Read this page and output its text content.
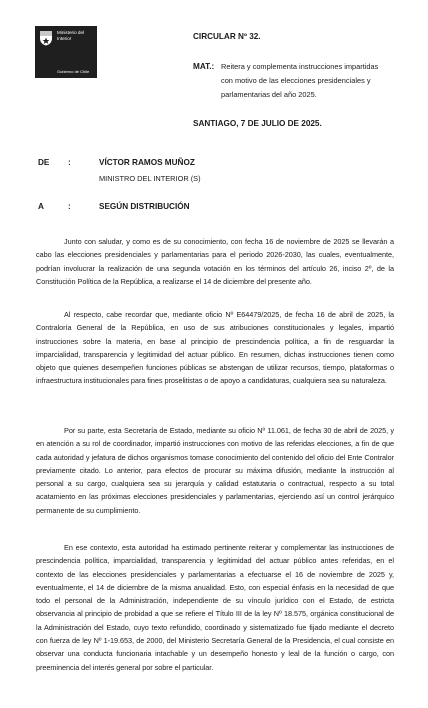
Ministerio del
Interior
Gobierno de Chile
CIRCULAR Nº 32.
MAT.: Reitera y complementa instrucciones impartidas
con motivo de las elecciones presidenciales y
parlamentarias del año 2025.
SANTIAGO, 7 DE JULIO DE 2025.
DE :	VÍCTOR RAMOS MUÑOZ
MINISTRO DEL INTERIOR (S)
A	:	SEGÚN DISTRIBUCIÓN
Junto con saludar, y como es de su conocimiento, con fecha 16 de noviembre de 2025 se llevarán a cabo las elecciones presidenciales y parlamentarias para el periodo 2026-2030, las cuales, eventualmente, podrían involucrar la realización de una segunda votación en los términos del artículo 26, inciso 2º, de la Constitución Política de la República, a realizarse el 14 de diciembre del presente año.
Al respecto, cabe recordar que, mediante oficio Nº E64479/2025, de fecha 16 de abril de 2025, la Contraloría General de la República, en uso de sus atribuciones constitucionales y legales, impartió instrucciones sobre la materia, en base al principio de prescindencia política, a fin de resguardar la imparcialidad, transparencia y legitimidad del actuar público. En resumen, dichas instrucciones tienen como objeto que quienes desempeñen funciones públicas se abstengan de utilizar recursos, tiempo, plataformas o infraestructura institucionales para fines proselitistas o de apoyo a candidaturas, cualquiera sea su naturaleza.
Por su parte, esta Secretaría de Estado, mediante su oficio Nº 11.061, de fecha 30 de abril de 2025, y en atención a su rol de coordinador, impartió instrucciones con motivo de las referidas elecciones, a fin de que cada autoridad y jefatura de dichos organismos tomase conocimiento del contenido del oficio del Ente Contralor previamente citado. Lo anterior, para efectos de procurar su máxima difusión, mediante la instrucción al personal a su cargo, cualquiera sea su jerarquía y calidad estatutaria o contractual, respecto a su total acatamiento en las próximas elecciones presidenciales y parlamentarias, ejerciendo así un control jerárquico permanente de su cumplimiento.
En ese contexto, esta autoridad ha estimado pertinente reiterar y complementar las instrucciones de prescindencia política, imparcialidad, transparencia y legitimidad del actuar público antes referidas, en el contexto de las elecciones presidenciales y parlamentarias a efectuarse el 16 de noviembre de 2025 y, eventualmente, el 14 de diciembre de la misma anualidad. Esto, con especial énfasis en la necesidad de que todo el personal de la Administración, independiente de su vínculo jurídico con el Estado, de estricta observancia al principio de probidad a que se refiere el Título III de la ley Nº 18.575, orgánica constitucional de la Administración del Estado, cuyo texto refundido, coordinado y sistematizado fue fijado mediante el decreto con fuerza de ley Nº 1-19.653, de 2000, del Ministerio Secretaría General de la Presidencia, el cual consiste en observar una conducta funcionaria intachable y un desempeño honesto y leal de la función o cargo, con preeminencia del interés general por sobre el particular.
